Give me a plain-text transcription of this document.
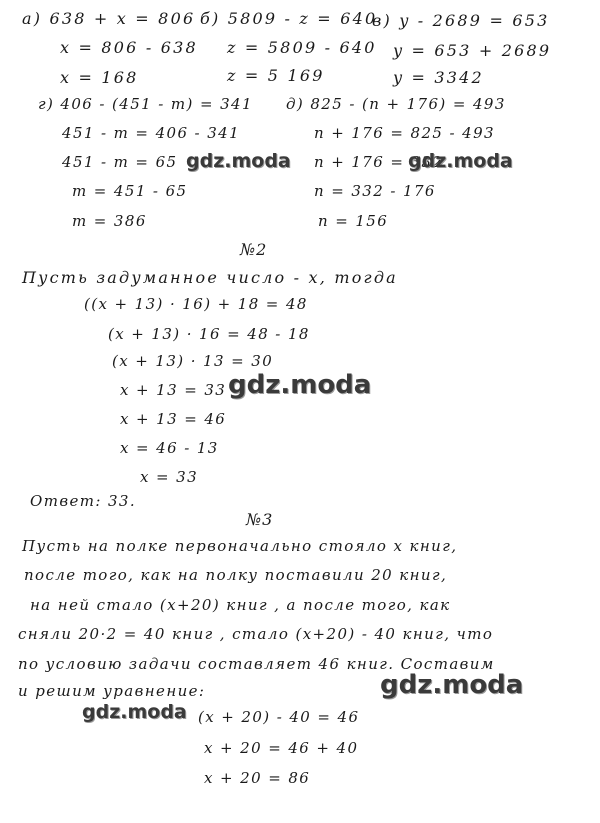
а) 638 + x = 806
x = 806 - 638
x = 168
б) 5809 - z = 640
z = 5809 - 640
z = 5 169
в) y - 2689 = 653
y = 653 + 2689
y = 3342
г) 406 - (451 - m) = 341
451 - m = 406 - 341
451 - m = 65
m = 451 - 65
m = 386
д) 825 - (n + 176) = 493
n + 176 = 825 - 493
n + 176 = 332
n = 332 - 176
n = 156
№2
Пусть задуманное число - x, тогда
((x + 13) · 16) + 18 = 48
(x + 13) · 16 = 48 - 18
(x + 13) · 13 = 30
x + 13 = 33
x + 13 = 46
x = 46 - 13
x = 33
Ответ: 33.
№3
Пусть на полке первоначально стояло x книг,
после того, как на полку поставили 20 книг,
на ней стало (x+20) книг , а после того, как
сняли 20·2 = 40 книг , стало (x+20) - 40 книг, что
по условию задачи составляет 46 книг. Составим
и решим уравнение:
(x + 20) - 40 = 46
x + 20 = 46 + 40
x + 20 = 86
gdz.moda	gdz.moda
gdz.moda
gdz.moda
gdz.moda
